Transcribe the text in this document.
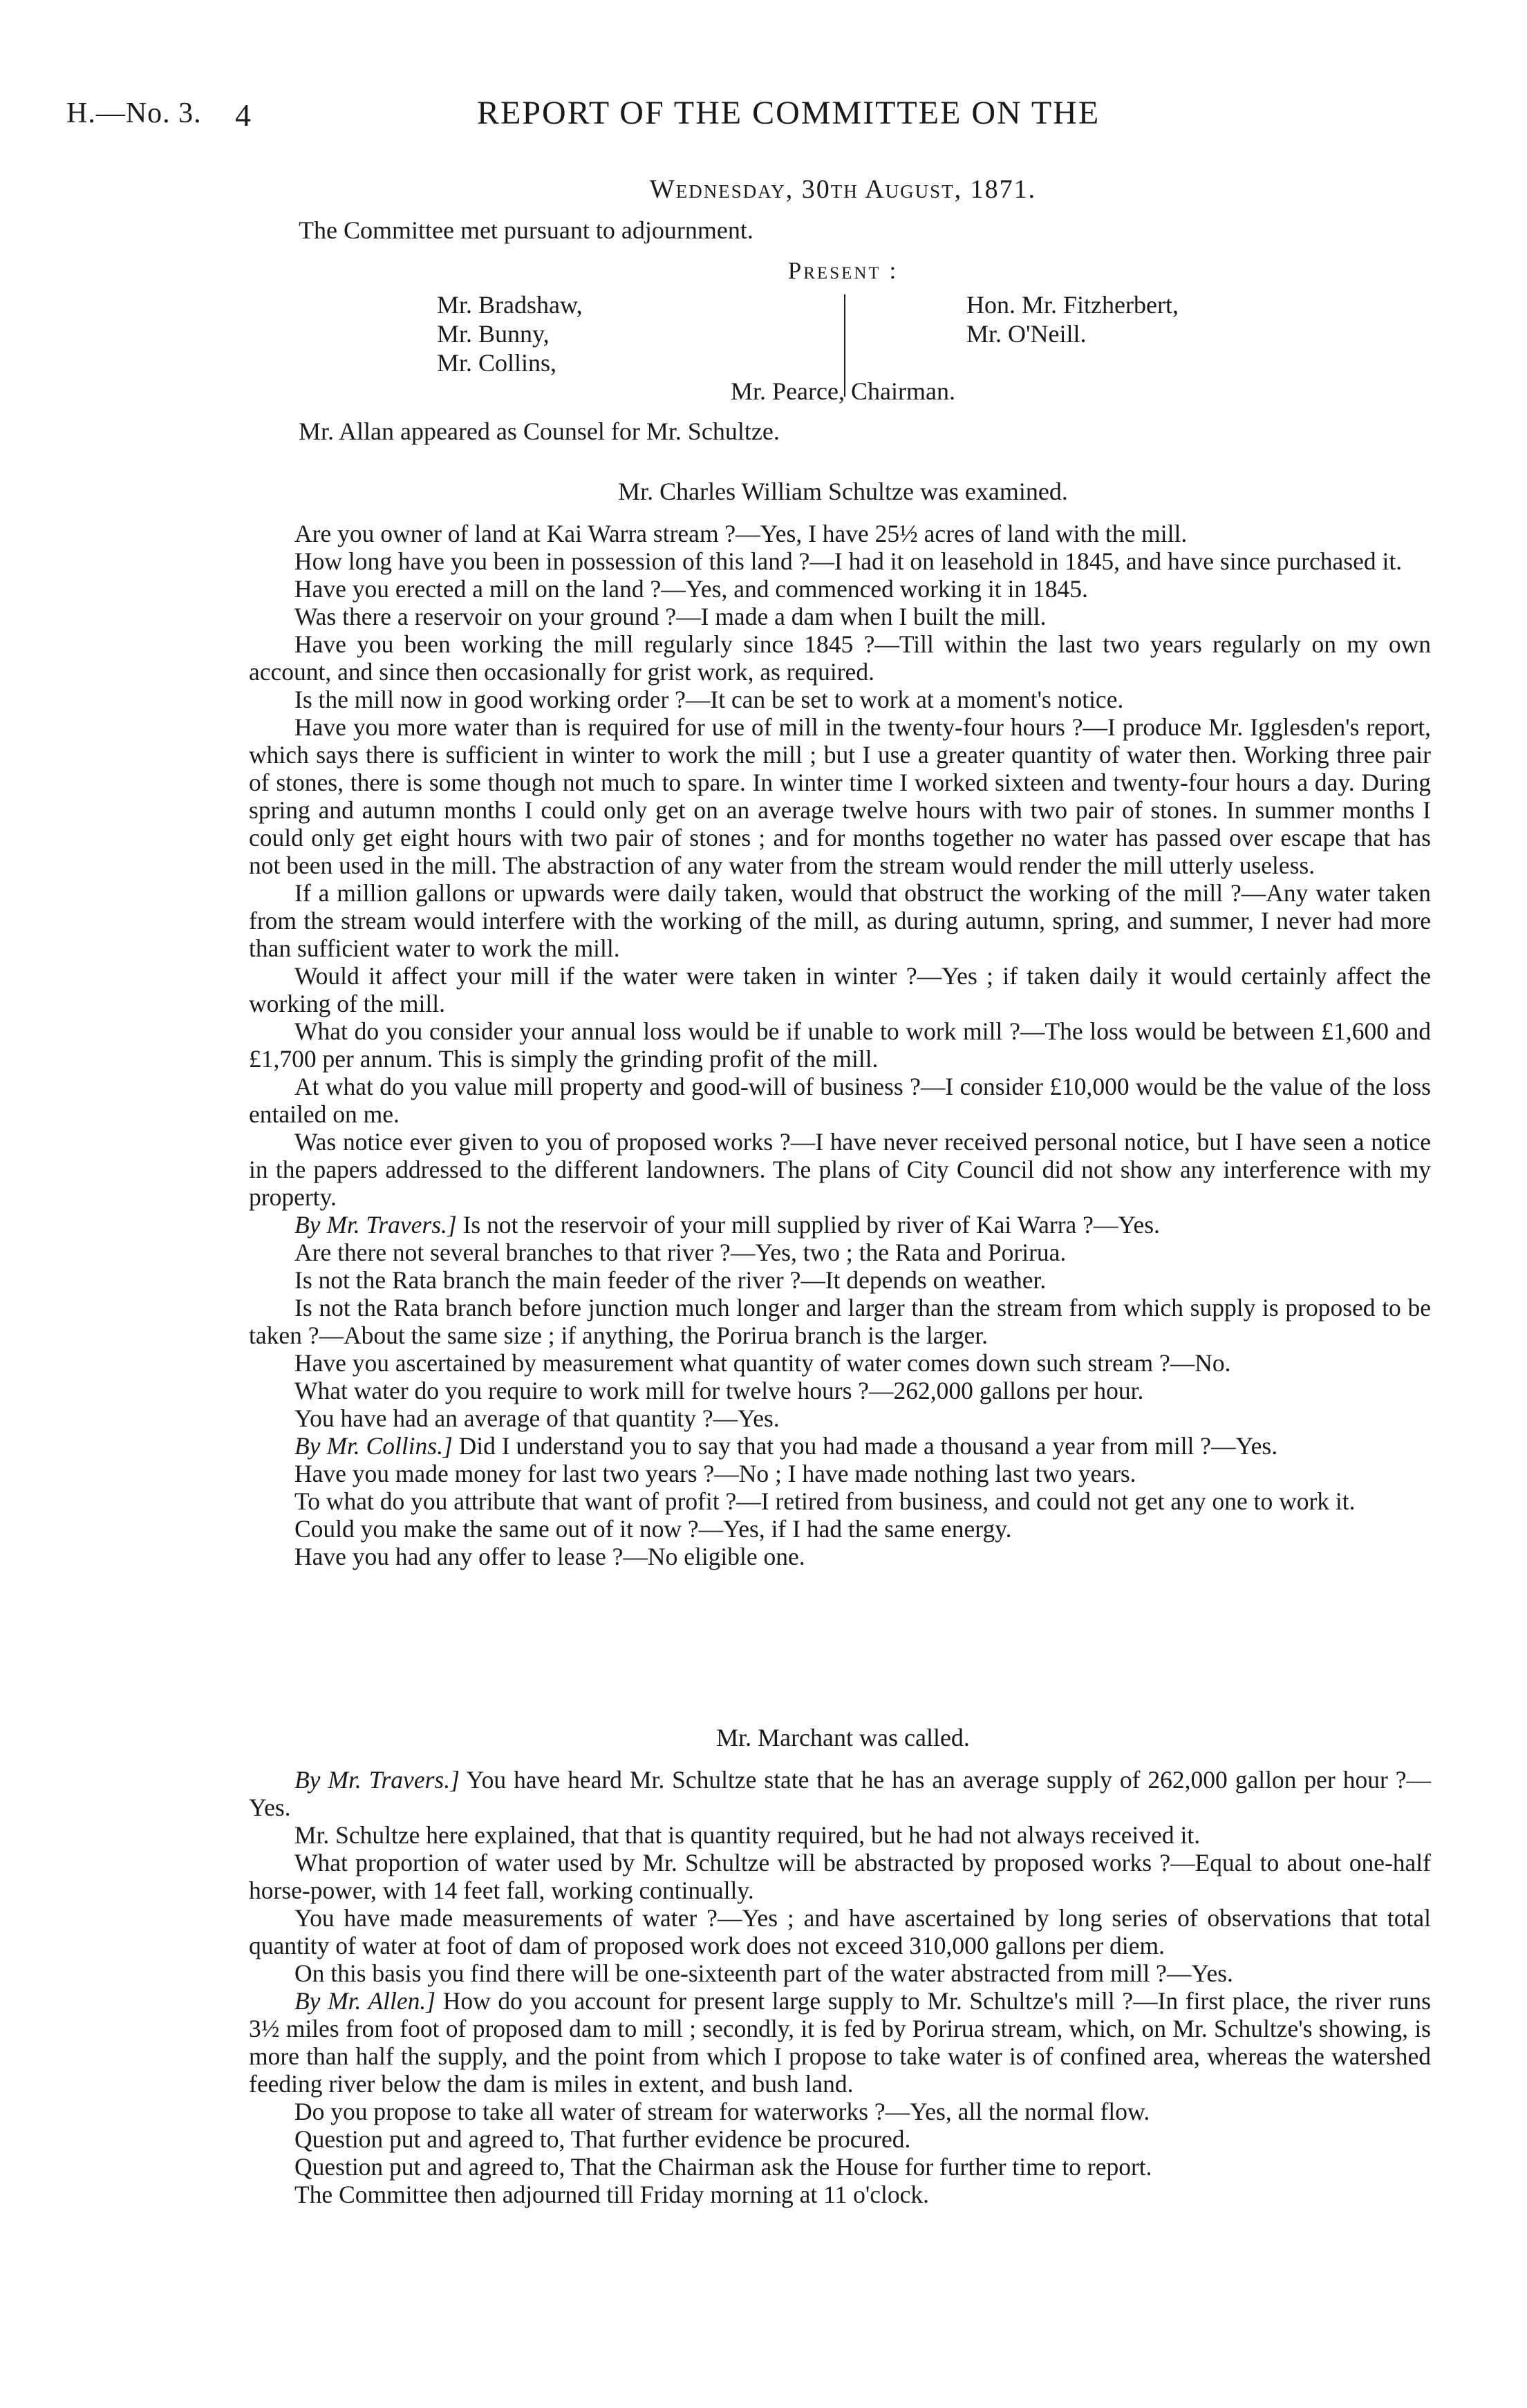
H.—No. 3. 4	REPORT OF THE COMMITTEE ON THE
Wednesday, 30th August, 1871.
The Committee met pursuant to adjournment.
Present :
Mr. Bradshaw,
Mr. Bunny,
Mr. Collins,
Hon. Mr. Fitzherbert,
Mr. O'Neill.
Mr. Pearce, Chairman.
Mr. Allan appeared as Counsel for Mr. Schultze.
Mr. Charles William Schultze was examined.

Are you owner of land at Kai Warra stream ?—Yes, I have 25½ acres of land with the mill.

How long have you been in possession of this land ?—I had it on leasehold in 1845, and have since purchased it.

Have you erected a mill on the land ?—Yes, and commenced working it in 1845.

Was there a reservoir on your ground ?—I made a dam when I built the mill.

Have you been working the mill regularly since 1845 ?—Till within the last two years regularly on my own account, and since then occasionally for grist work, as required.

Is the mill now in good working order ?—It can be set to work at a moment's notice.

Have you more water than is required for use of mill in the twenty-four hours ?—I produce Mr. Igglesden's report, which says there is sufficient in winter to work the mill ; but I use a greater quantity of water then. Working three pair of stones, there is some though not much to spare. In winter time I worked sixteen and twenty-four hours a day. During spring and autumn months I could only get on an average twelve hours with two pair of stones. In summer months I could only get eight hours with two pair of stones ; and for months together no water has passed over escape that has not been used in the mill. The abstraction of any water from the stream would render the mill utterly useless.

If a million gallons or upwards were daily taken, would that obstruct the working of the mill ?—Any water taken from the stream would interfere with the working of the mill, as during autumn, spring, and summer, I never had more than sufficient water to work the mill.

Would it affect your mill if the water were taken in winter ?—Yes ; if taken daily it would certainly affect the working of the mill.

What do you consider your annual loss would be if unable to work mill ?—The loss would be between £1,600 and £1,700 per annum. This is simply the grinding profit of the mill.

At what do you value mill property and good-will of business ?—I consider £10,000 would be the value of the loss entailed on me.

Was notice ever given to you of proposed works ?—I have never received personal notice, but I have seen a notice in the papers addressed to the different landowners. The plans of City Council did not show any interference with my property.

By Mr. Travers.] Is not the reservoir of your mill supplied by river of Kai Warra ?—Yes.

Are there not several branches to that river ?—Yes, two ; the Rata and Porirua.

Is not the Rata branch the main feeder of the river ?—It depends on weather.

Is not the Rata branch before junction much longer and larger than the stream from which supply is proposed to be taken ?—About the same size ; if anything, the Porirua branch is the larger.

Have you ascertained by measurement what quantity of water comes down such stream ?—No.

What water do you require to work mill for twelve hours ?—262,000 gallons per hour.

You have had an average of that quantity ?—Yes.

By Mr. Collins.] Did I understand you to say that you had made a thousand a year from mill ?—Yes.

Have you made money for last two years ?—No ; I have made nothing last two years.

To what do you attribute that want of profit ?—I retired from business, and could not get any one to work it.

Could you make the same out of it now ?—Yes, if I had the same energy.

Have you had any offer to lease ?—No eligible one.

Mr. Marchant was called.

By Mr. Travers.] You have heard Mr. Schultze state that he has an average supply of 262,000 gallon per hour ?—Yes.

Mr. Schultze here explained, that that is quantity required, but he had not always received it.

What proportion of water used by Mr. Schultze will be abstracted by proposed works ?—Equal to about one-half horse-power, with 14 feet fall, working continually.

You have made measurements of water ?—Yes ; and have ascertained by long series of observations that total quantity of water at foot of dam of proposed work does not exceed 310,000 gallons per diem.

On this basis you find there will be one-sixteenth part of the water abstracted from mill ?—Yes.

By Mr. Allen.] How do you account for present large supply to Mr. Schultze's mill ?—In first place, the river runs 3½ miles from foot of proposed dam to mill ; secondly, it is fed by Porirua stream, which, on Mr. Schultze's showing, is more than half the supply, and the point from which I propose to take water is of confined area, whereas the watershed feeding river below the dam is miles in extent, and bush land.

Do you propose to take all water of stream for waterworks ?—Yes, all the normal flow.

Question put and agreed to, That further evidence be procured.

Question put and agreed to, That the Chairman ask the House for further time to report.

The Committee then adjourned till Friday morning at 11 o'clock.
